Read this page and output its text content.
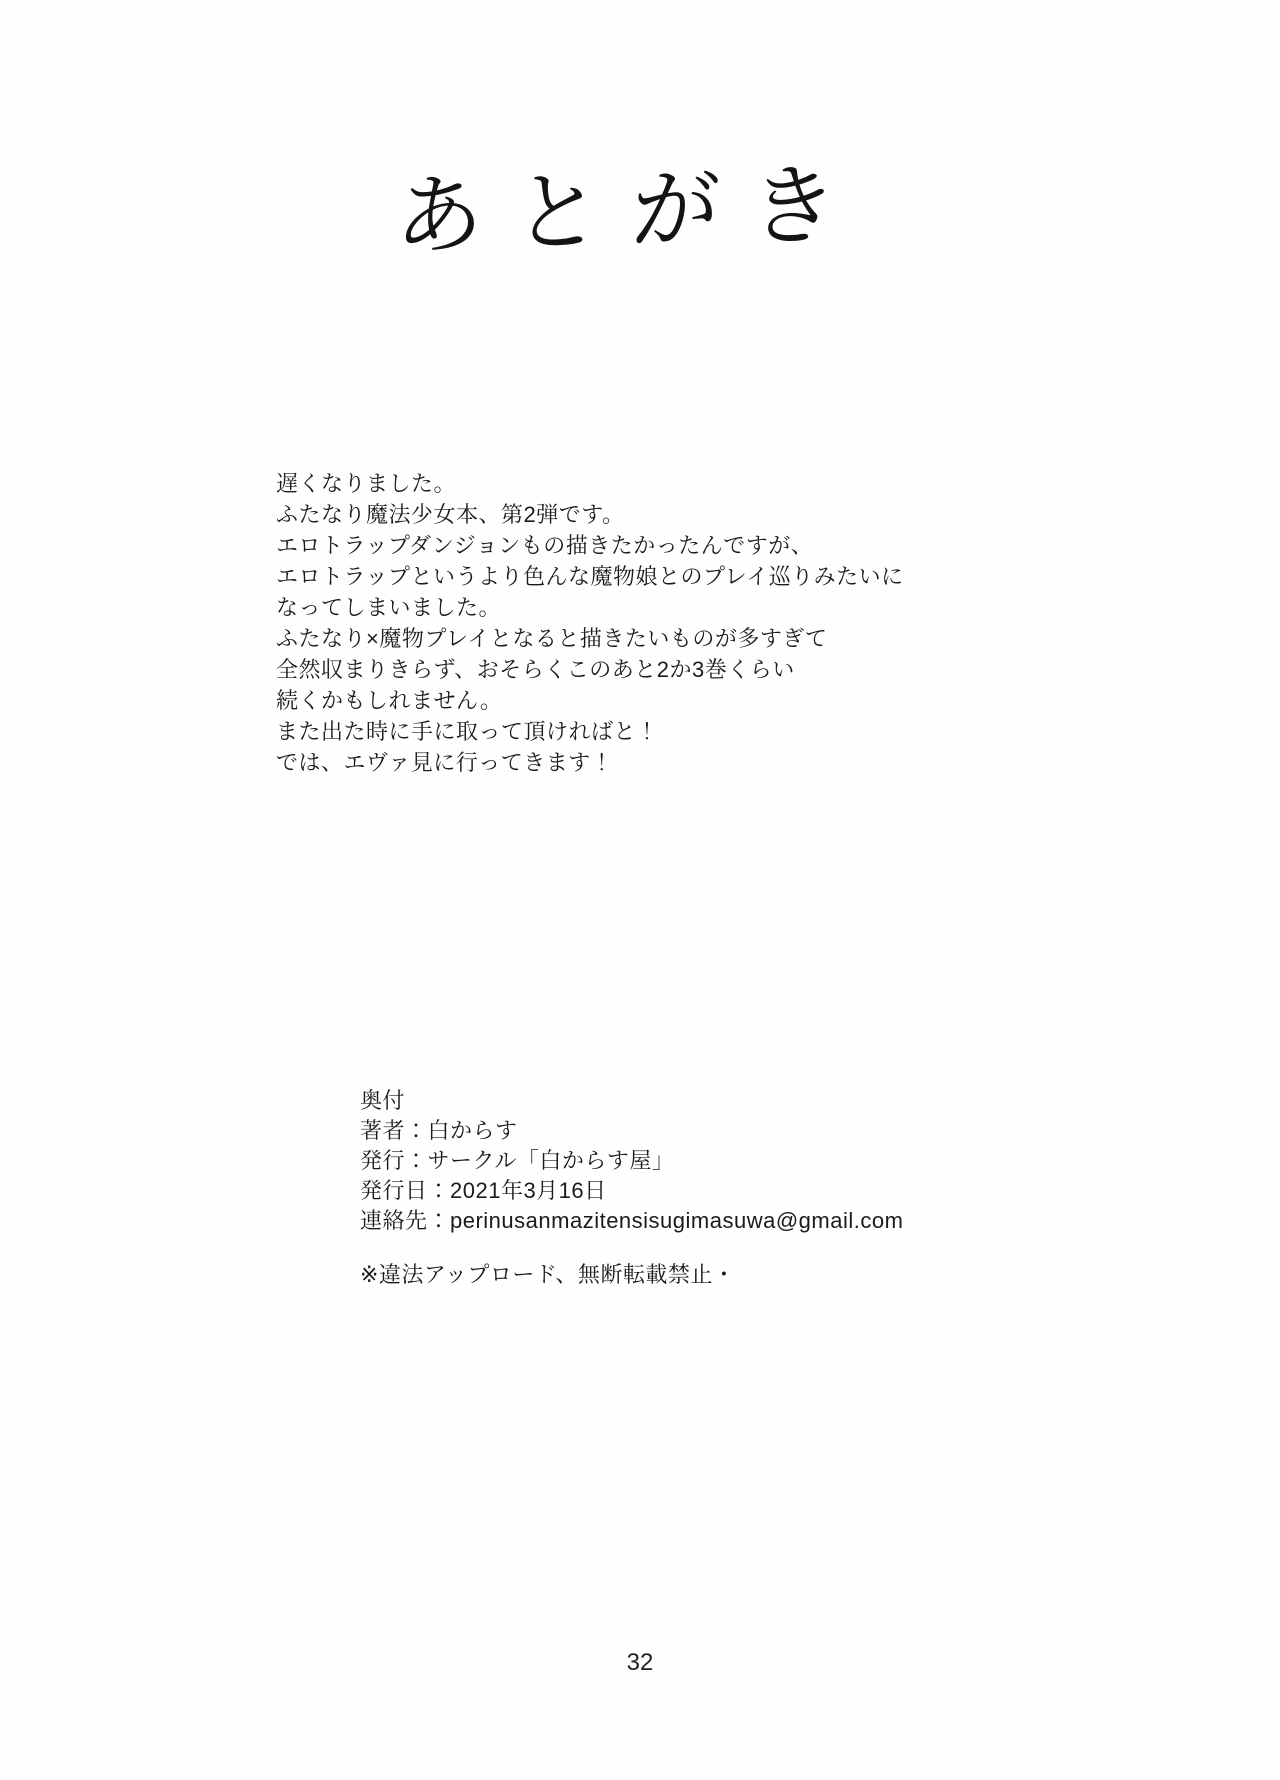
あとがき
遅くなりました。
ふたなり魔法少女本、第2弾です。
エロトラップダンジョンもの描きたかったんですが、
エロトラップというより色んな魔物娘とのプレイ巡りみたいに
なってしまいました。
ふたなり×魔物プレイとなると描きたいものが多すぎて
全然収まりきらず、おそらくこのあと2か3巻くらい
続くかもしれません。
また出た時に手に取って頂ければと！
では、エヴァ見に行ってきます！
奥付
著者：白からす
発行：サークル「白からす屋」
発行日：2021年3月16日
連絡先：perinusanmazitensisugimasuwa@gmail.com
※違法アップロード、無断転載禁止・
32
